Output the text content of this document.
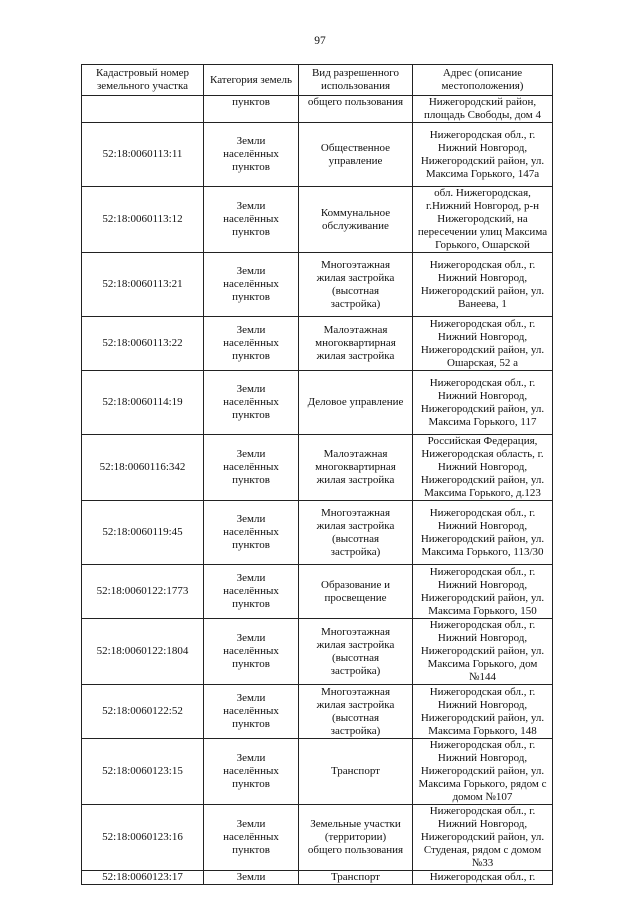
97
Кадастровый номер земельного участка	Категория земель	Вид разрешенного использования	Адрес (описание местоположения)
	пунктов	общего пользования	Нижегородский район,
площадь Свободы, дом 4
52:18:0060113:11	Земли
населённых
пунктов	Общественное
управление	Нижегородская обл., г.
Нижний Новгород,
Нижегородский район, ул.
Максима Горького, 147а
52:18:0060113:12	Земли
населённых
пунктов	Коммунальное
обслуживание	обл. Нижегородская,
г.Нижний Новгород, р-н
Нижегородский, на
пересечении улиц Максима
Горького, Ошарской
52:18:0060113:21	Земли
населённых
пунктов	Многоэтажная
жилая застройка
(высотная
застройка)	Нижегородская обл., г.
Нижний Новгород,
Нижегородский район, ул.
Ванеева, 1
52:18:0060113:22	Земли
населённых
пунктов	Малоэтажная
многоквартирная
жилая застройка	Нижегородская обл., г.
Нижний Новгород,
Нижегородский район, ул.
Ошарская, 52 а
52:18:0060114:19	Земли
населённых
пунктов	Деловое управление	Нижегородская обл., г.
Нижний Новгород,
Нижегородский район, ул.
Максима Горького, 117
52:18:0060116:342	Земли
населённых
пунктов	Малоэтажная
многоквартирная
жилая застройка	Российская Федерация,
Нижегородская область, г.
Нижний Новгород,
Нижегородский район, ул.
Максима Горького, д.123
52:18:0060119:45	Земли
населённых
пунктов	Многоэтажная
жилая застройка
(высотная
застройка)	Нижегородская обл., г.
Нижний Новгород,
Нижегородский район, ул.
Максима Горького, 113/30
52:18:0060122:1773	Земли
населённых
пунктов	Образование и
просвещение	Нижегородская обл., г.
Нижний Новгород,
Нижегородский район, ул.
Максима Горького, 150
52:18:0060122:1804	Земли
населённых
пунктов	Многоэтажная
жилая застройка
(высотная
застройка)	Нижегородская обл., г.
Нижний Новгород,
Нижегородский район, ул.
Максима Горького, дом №144
52:18:0060122:52	Земли
населённых
пунктов	Многоэтажная
жилая застройка
(высотная
застройка)	Нижегородская обл., г.
Нижний Новгород,
Нижегородский район, ул.
Максима Горького, 148
52:18:0060123:15	Земли
населённых
пунктов	Транспорт	Нижегородская обл., г.
Нижний Новгород,
Нижегородский район, ул.
Максима Горького, рядом с
домом №107
52:18:0060123:16	Земли
населённых
пунктов	Земельные участки
(территории)
общего пользования	Нижегородская обл., г.
Нижний Новгород,
Нижегородский район, ул.
Студеная, рядом с домом
№33
52:18:0060123:17	Земли	Транспорт	Нижегородская обл., г.
